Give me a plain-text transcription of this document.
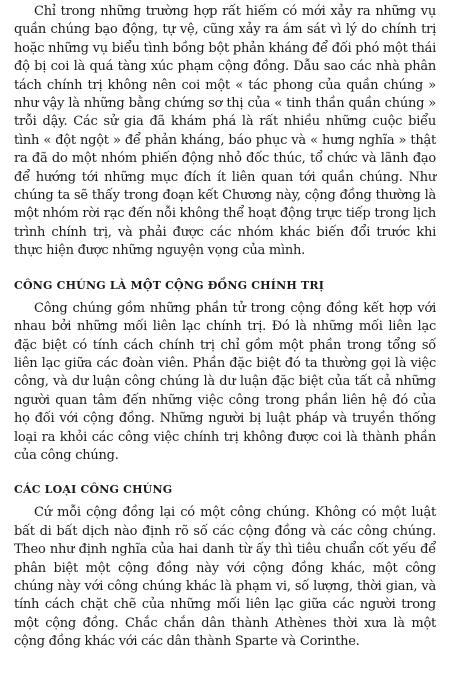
Chỉ trong những trường hợp rất hiếm có mới xảy ra những vụ quần chúng bạo động, tự vệ, cũng xảy ra ám sát vì lý do chính trị hoặc những vụ biểu tình bồng bột phản kháng để đối phó một thái độ bị coi là quá tàng xúc phạm cộng đồng. Dẫu sao các nhà phân tách chính trị không nên coi một « tác phong của quần chúng » như vậy là những bằng chứng sơ thị của « tinh thần quần chúng » trỗi dậy. Các sử gia đã khám phá là rất nhiều những cuộc biểu tình « đột ngột » để phản kháng, báo phục và « hưng nghĩa » thật ra đã do một nhóm phiến động nhỏ đốc thúc, tổ chức và lãnh đạo để hướng tới những mục đích ít liên quan tới quần chúng. Như chúng ta sẽ thấy trong đoạn kết Chương này, cộng đồng thường là một nhóm rời rạc đến nỗi không thể hoạt động trực tiếp trong lịch trình chính trị, và phải được các nhóm khác biến đổi trước khi thực hiện được những nguyện vọng của mình.

CÔNG CHÚNG LÀ MỘT CỘNG ĐỒNG CHÍNH TRỊ

Công chúng gồm những phần tử trong cộng đồng kết hợp với nhau bởi những mối liên lạc chính trị. Đó là những mối liên lạc đặc biệt có tính cách chính trị chỉ gồm một phần trong tổng số liên lạc giữa các đoàn viên. Phần đặc biệt đó ta thường gọi là việc công, và dư luận công chúng là dư luận đặc biệt của tất cả những người quan tâm đến những việc công trong phần liên hệ đó của họ đối với cộng đồng. Những người bị luật pháp và truyền thống loại ra khỏi các công việc chính trị không được coi là thành phần của công chúng.

CÁC LOẠI CÔNG CHÚNG

Cứ mỗi cộng đồng lại có một công chúng. Không có một luật bất di bất dịch nào định rõ số các cộng đồng và các công chúng. Theo như định nghĩa của hai danh từ ấy thì tiêu chuẩn cốt yếu để phân biệt một cộng đồng này với cộng đồng khác, một công chúng này với công chúng khác là phạm vi, số lượng, thời gian, và tính cách chặt chẽ của những mối liên lạc giữa các người trong một cộng đồng. Chắc chắn dân thành Athènes thời xưa là một cộng đồng khác với các dân thành Sparte và Corinthe.
